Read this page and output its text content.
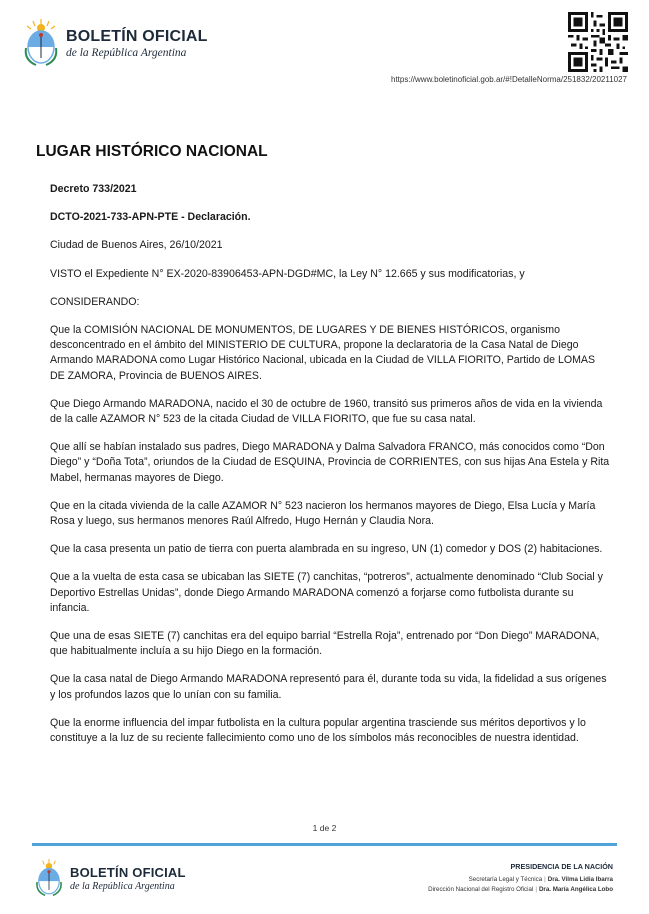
BOLETÍN OFICIAL
de la República Argentina
https://www.boletinoficial.gob.ar/#!DetalleNorma/251832/20211027
LUGAR HISTÓRICO NACIONAL

Decreto 733/2021

DCTO-2021-733-APN-PTE - Declaración.

Ciudad de Buenos Aires, 26/10/2021

VISTO el Expediente N° EX-2020-83906453-APN-DGD#MC, la Ley N° 12.665 y sus modificatorias, y

CONSIDERANDO:

Que la COMISIÓN NACIONAL DE MONUMENTOS, DE LUGARES Y DE BIENES HISTÓRICOS, organismo desconcentrado en el ámbito del MINISTERIO DE CULTURA, propone la declaratoria de la Casa Natal de Diego Armando MARADONA como Lugar Histórico Nacional, ubicada en la Ciudad de VILLA FIORITO, Partido de LOMAS DE ZAMORA, Provincia de BUENOS AIRES.

Que Diego Armando MARADONA, nacido el 30 de octubre de 1960, transitó sus primeros años de vida en la vivienda de la calle AZAMOR N° 523 de la citada Ciudad de VILLA FIORITO, que fue su casa natal.

Que allí se habían instalado sus padres, Diego MARADONA y Dalma Salvadora FRANCO, más conocidos como “Don Diego” y “Doña Tota”, oriundos de la Ciudad de ESQUINA, Provincia de CORRIENTES, con sus hijas Ana Estela y Rita Mabel, hermanas mayores de Diego.

Que en la citada vivienda de la calle AZAMOR N° 523 nacieron los hermanos mayores de Diego, Elsa Lucía y María Rosa y luego, sus hermanos menores Raúl Alfredo, Hugo Hernán y Claudia Nora.

Que la casa presenta un patio de tierra con puerta alambrada en su ingreso, UN (1) comedor y DOS (2) habitaciones.

Que a la vuelta de esta casa se ubicaban las SIETE (7) canchitas, “potreros”, actualmente denominado “Club Social y Deportivo Estrellas Unidas”, donde Diego Armando MARADONA comenzó a forjarse como futbolista durante su infancia.

Que una de esas SIETE (7) canchitas era del equipo barrial “Estrella Roja”, entrenado por “Don Diego” MARADONA, que habitualmente incluía a su hijo Diego en la formación.

Que la casa natal de Diego Armando MARADONA representó para él, durante toda su vida, la fidelidad a sus orígenes y los profundos lazos que lo unían con su familia.

Que la enorme influencia del impar futbolista en la cultura popular argentina trasciende sus méritos deportivos y lo constituye a la luz de su reciente fallecimiento como uno de los símbolos más reconocibles de nuestra identidad.

1 de 2
BOLETÍN OFICIAL
de la República Argentina
PRESIDENCIA DE LA NACIÓN
Secretaría Legal y Técnica | Dra. Vilma Lidia Ibarra
Dirección Nacional del Registro Oficial | Dra. María Angélica Lobo
